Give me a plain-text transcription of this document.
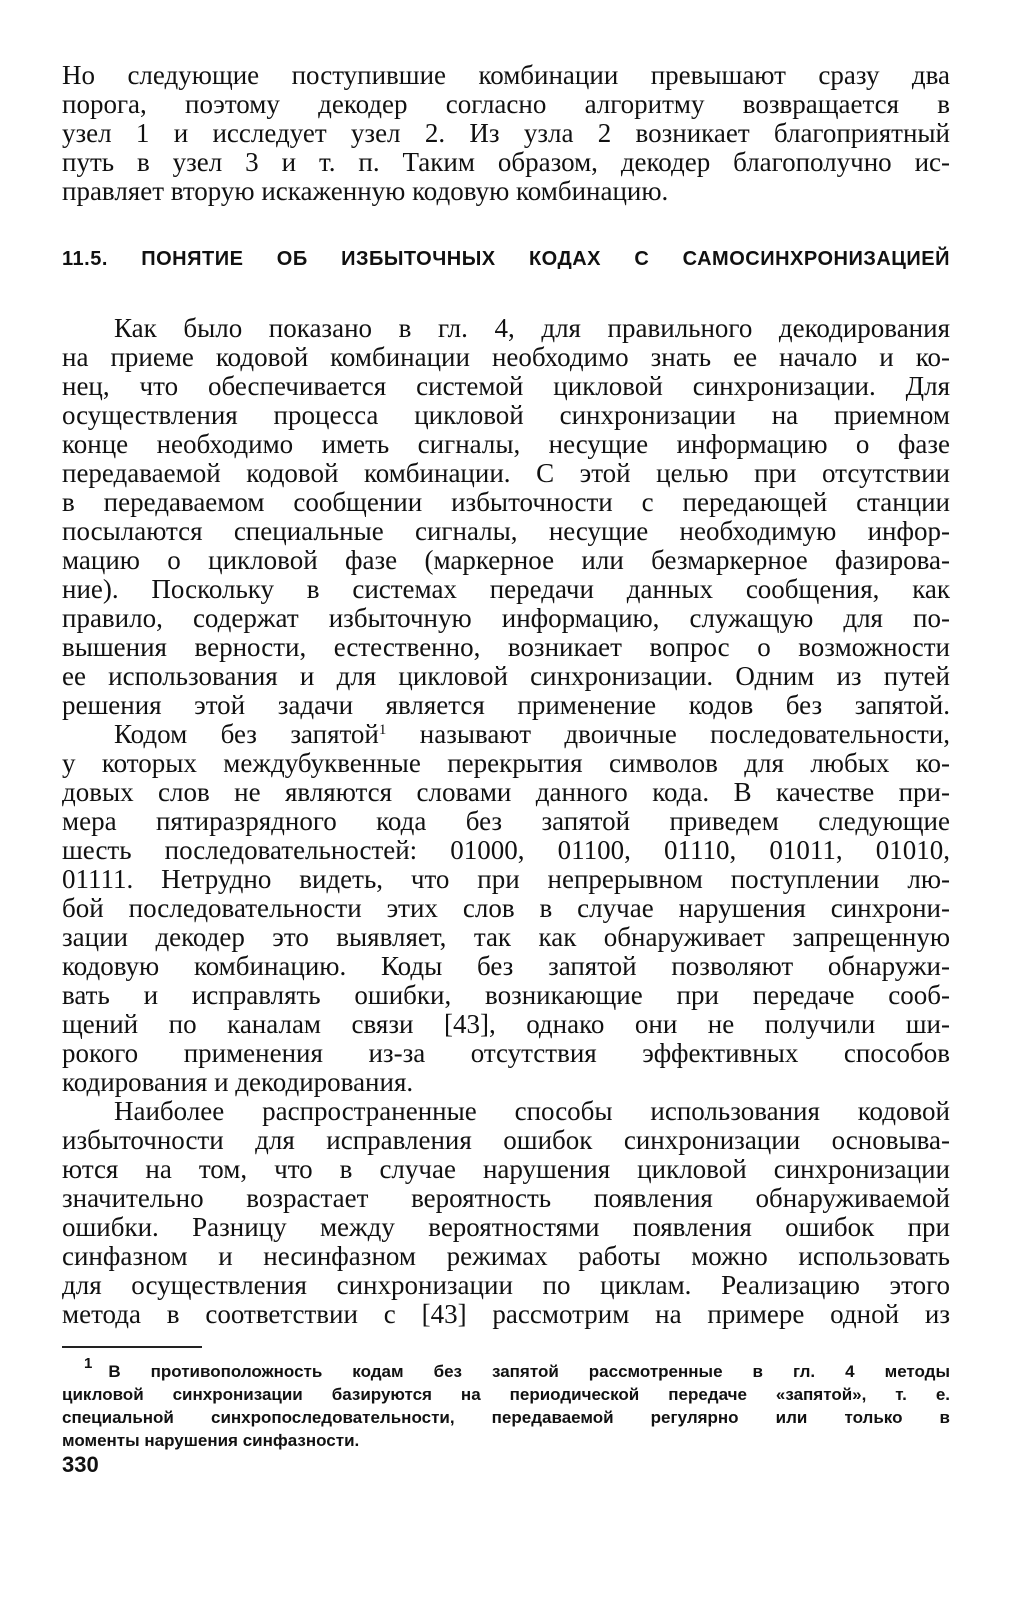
Но следующие поступившие комбинации превышают сразу два
порога, поэтому декодер согласно алгоритму возвращается в
узел 1 и исследует узел 2. Из узла 2 возникает благоприятный
путь в узел 3 и т. п. Таким образом, декодер благополучно ис-
правляет вторую искаженную кодовую комбинацию.
11.5. ПОНЯТИЕ ОБ ИЗБЫТОЧНЫХ КОДАХ С САМОСИНХРОНИЗАЦИЕЙ
Как было показано в гл. 4, для правильного декодирования
на приеме кодовой комбинации необходимо знать ее начало и ко-
нец, что обеспечивается системой цикловой синхронизации. Для
осуществления процесса цикловой синхронизации на приемном
конце необходимо иметь сигналы, несущие информацию о фазе
передаваемой кодовой комбинации. С этой целью при отсутствии
в передаваемом сообщении избыточности с передающей станции
посылаются специальные сигналы, несущие необходимую инфор-
мацию о цикловой фазе (маркерное или безмаркерное фазирова-
ние). Поскольку в системах передачи данных сообщения, как
правило, содержат избыточную информацию, служащую для по-
вышения верности, естественно, возникает вопрос о возможности
ее использования и для цикловой синхронизации. Одним из путей
решения этой задачи является применение кодов без запятой.
Кодом без запятой$^1$ называют двоичные последовательности,
у которых междубуквенные перекрытия символов для любых ко-
довых слов не являются словами данного кода. В качестве при-
мера пятиразрядного кода без запятой приведем следующие
шесть последовательностей: 01000, 01100, 01110, 01011, 01010,
01111. Нетрудно видеть, что при непрерывном поступлении лю-
бой последовательности этих слов в случае нарушения синхрони-
зации декодер это выявляет, так как обнаруживает запрещенную
кодовую комбинацию. Коды без запятой позволяют обнаружи-
вать и исправлять ошибки, возникающие при передаче сооб-
щений по каналам связи [43], однако они не получили ши-
рокого применения из-за отсутствия эффективных способов
кодирования и декодирования.
Наиболее распространенные способы использования кодовой
избыточности для исправления ошибок синхронизации основыва-
ются на том, что в случае нарушения цикловой синхронизации
значительно возрастает вероятность появления обнаруживаемой
ошибки. Разницу между вероятностями появления ошибок при
синфазном и несинфазном режимах работы можно использовать
для осуществления синхронизации по циклам. Реализацию этого
метода в соответствии с [43] рассмотрим на примере одной из
$^1$ В противоположность кодам без запятой рассмотренные в гл. 4 методы
цикловой синхронизации базируются на периодической передаче «запятой», т. е.
специальной синхропоследовательности, передаваемой регулярно или только в
моменты нарушения синфазности.
330
